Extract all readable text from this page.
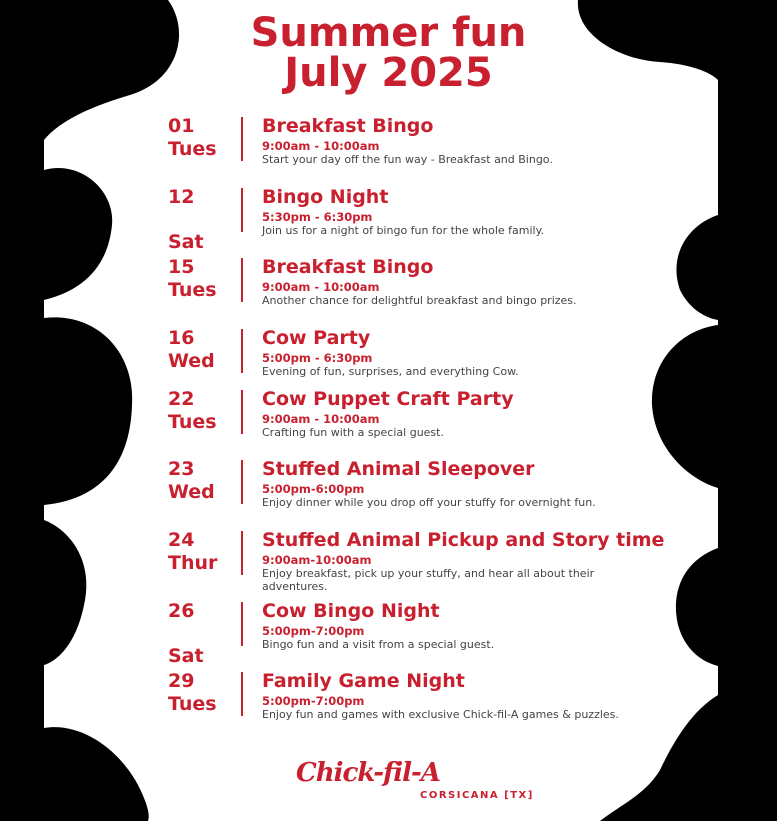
Summer fun
July 2025
01
Tues
Breakfast Bingo
9:00am - 10:00am
Start your day off the fun way - Breakfast and Bingo.
12
Sat
Bingo Night
5:30pm - 6:30pm
Join us for a night of bingo fun for the whole family.
15
Tues
Breakfast Bingo
9:00am - 10:00am
Another chance for delightful breakfast and bingo prizes.
16
Wed
Cow Party
5:00pm - 6:30pm
Evening of fun, surprises, and everything Cow.
22
Tues
Cow Puppet Craft Party
9:00am - 10:00am
Crafting fun with a special guest.
23
Wed
Stuffed Animal Sleepover
5:00pm-6:00pm
Enjoy dinner while you drop off your stuffy for overnight fun.
24
Thur
Stuffed Animal Pickup and Story time
9:00am-10:00am
Enjoy breakfast, pick up your stuffy, and hear all about their adventures.
26
Sat
Cow Bingo Night
5:00pm-7:00pm
Bingo fun and a visit from a special guest.
29
Tues
Family Game Night
5:00pm-7:00pm
Enjoy fun and games with exclusive Chick-fil-A games & puzzles.
Chick-fil-A
CORSICANA [TX]
